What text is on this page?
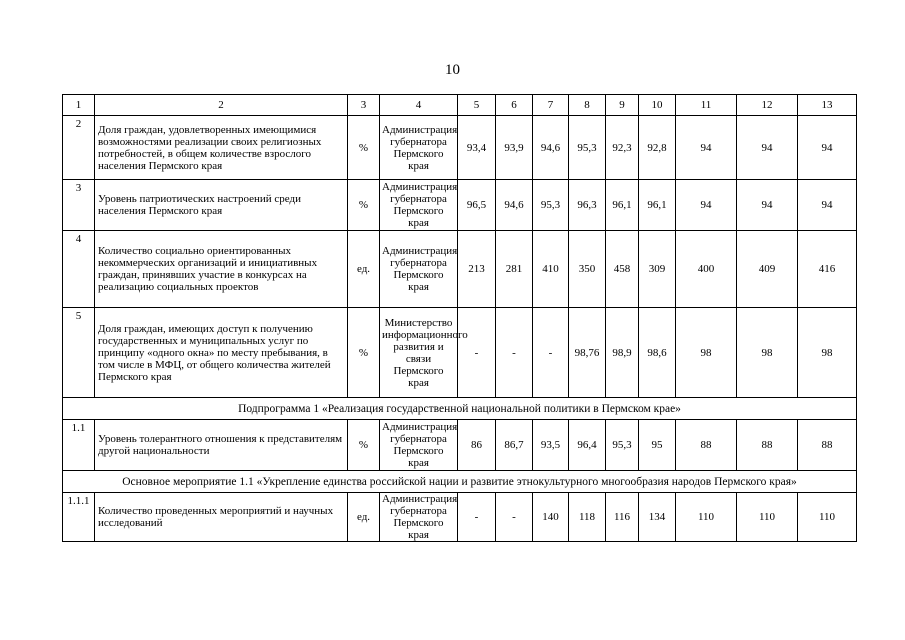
10
1	2	3	4	5	6	7	8	9	10	11	12	13
2	Доля граждан, удовлетворенных имеющимися возможностями реализации своих религиозных потребностей, в общем количестве взрослого населения Пермского края	%	Администрация губернатора Пермского края	93,4	93,9	94,6	95,3	92,3	92,8	94	94	94
3	Уровень патриотических настроений среди населения Пермского края	%	Администрация губернатора Пермского края	96,5	94,6	95,3	96,3	96,1	96,1	94	94	94
4	Количество социально ориентированных некоммерческих организаций и инициативных граждан, принявших участие в конкурсах на реализацию социальных проектов	ед.	Администрация губернатора Пермского края	213	281	410	350	458	309	400	409	416
5	Доля граждан, имеющих доступ к получению государственных и муниципальных услуг по принципу «одного окна» по месту пребывания, в том числе в МФЦ, от общего количества жителей Пермского края	%	Министерство информационного развития и связи Пермского края	-	-	-	98,76	98,9	98,6	98	98	98
Подпрограмма 1 «Реализация государственной национальной политики в Пермском крае»												
1.1	Уровень толерантного отношения к представителям другой национальности	%	Администрация губернатора Пермского края	86	86,7	93,5	96,4	95,3	95	88	88	88
Основное мероприятие 1.1 «Укрепление единства российской нации и развитие этнокультурного многообразия народов Пермского края»												
1.1.1	Количество проведенных мероприятий и научных исследований	ед.	Администрация губернатора Пермского края	-	-	140	118	116	134	110	110	110
